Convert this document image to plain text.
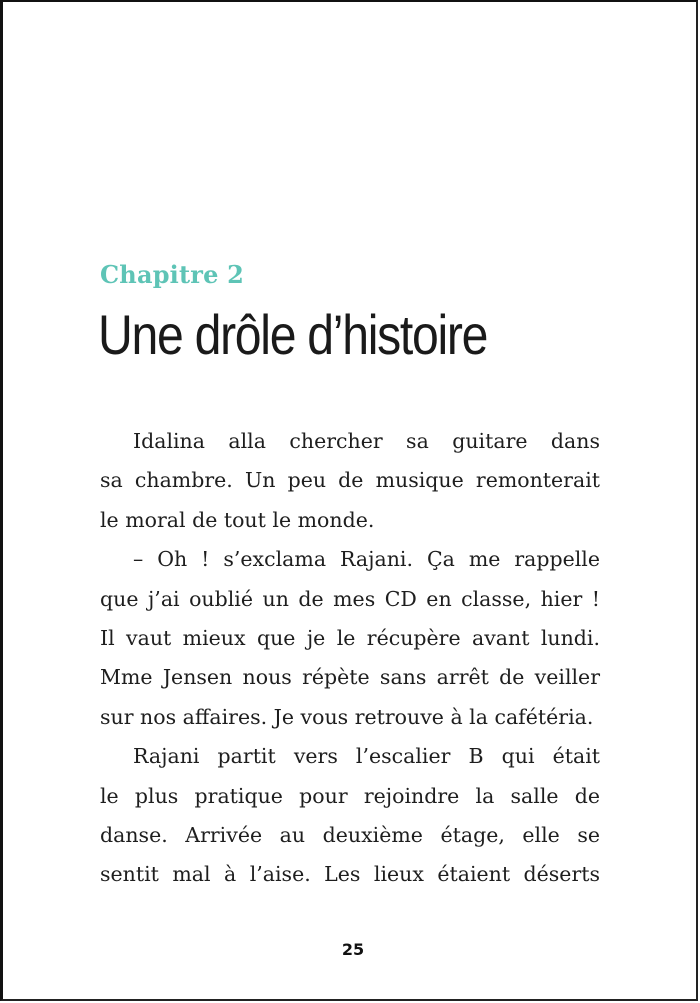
Chapitre 2
Une drôle d’histoire
Idalina alla chercher sa guitare dans
sa chambre. Un peu de musique remonterait
le moral de tout le monde.
– Oh ! s’exclama Rajani. Ça me rappelle
que j’ai oublié un de mes CD en classe, hier !
Il vaut mieux que je le récupère avant lundi.
Mme Jensen nous répète sans arrêt de veiller
sur nos affaires. Je vous retrouve à la cafétéria.
Rajani partit vers l’escalier B qui était
le plus pratique pour rejoindre la salle de
danse. Arrivée au deuxième étage, elle se
sentit mal à l’aise. Les lieux étaient déserts
25
